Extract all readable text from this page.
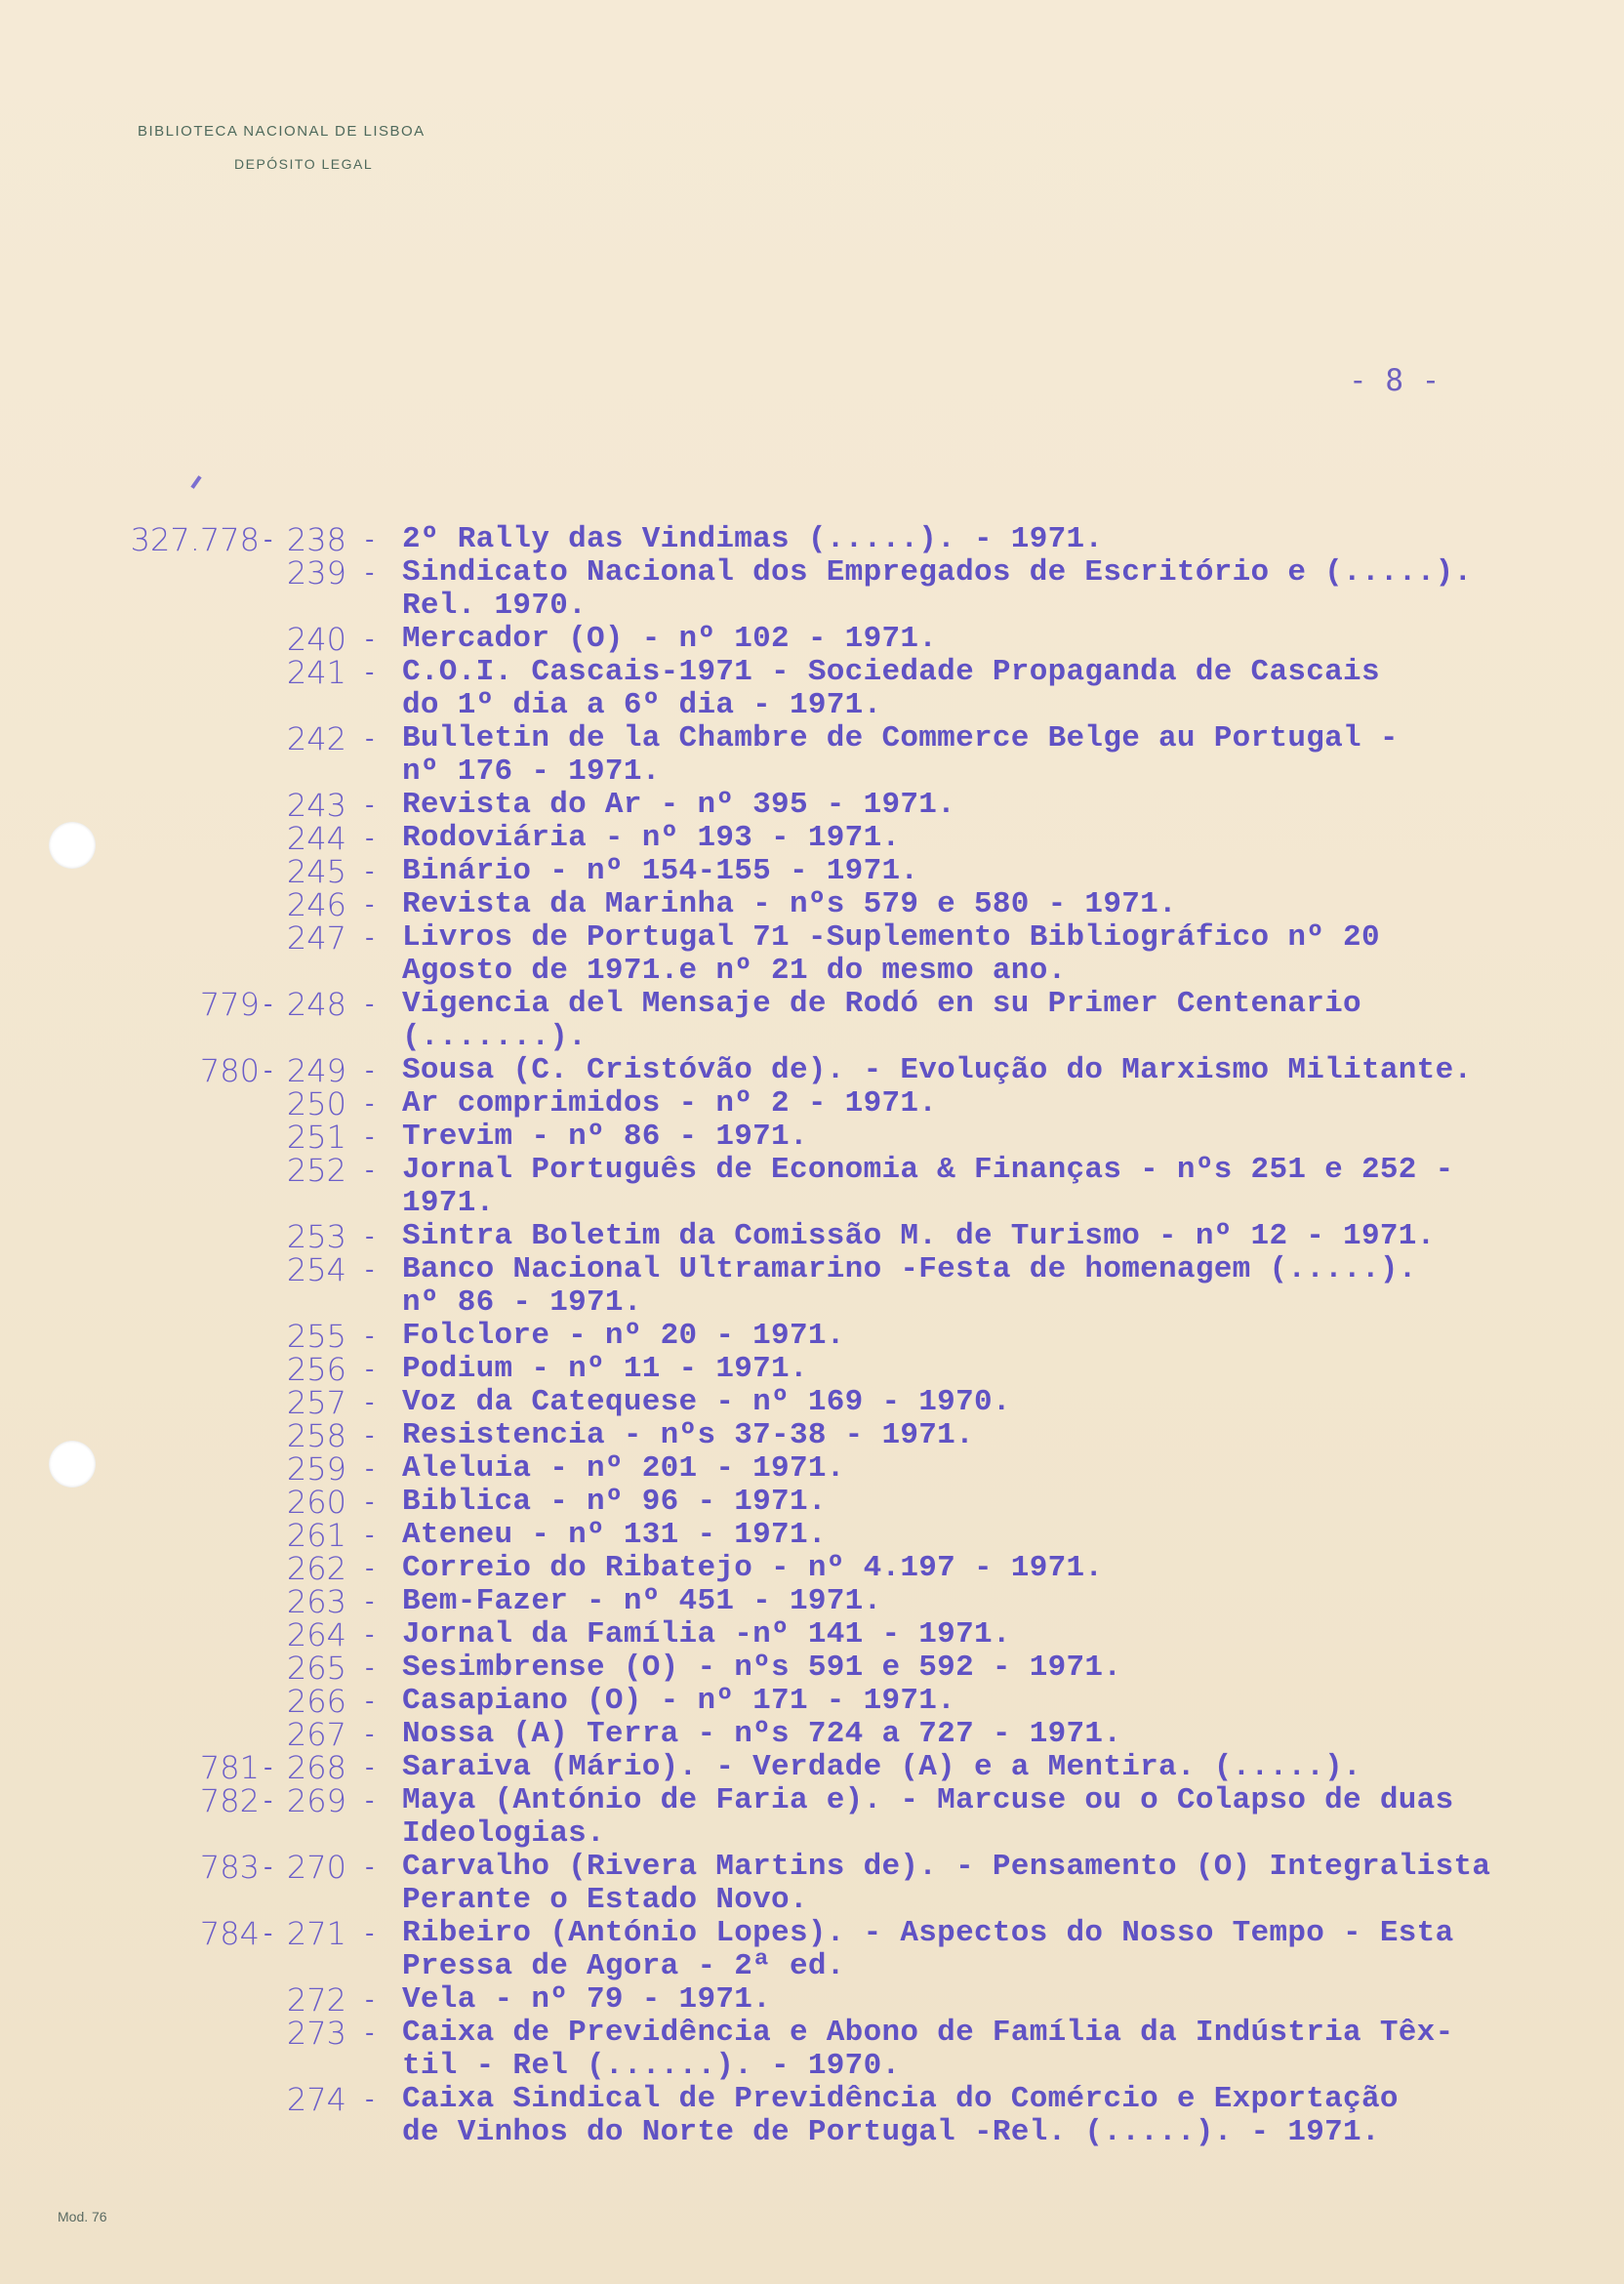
BIBLIOTECA NACIONAL DE LISBOA
DEPÓSITO LEGAL
- 8 -
327.778 - 238 - 2º Rally das Vindimas (.....). - 1971.
239 - Sindicato Nacional dos Empregados de Escritório e (.....).
Rel. 1970.
240 - Mercador (O) - nº 102 - 1971.
241 - C.O.I. Cascais-1971 - Sociedade Propaganda de Cascais
do 1º dia a 6º dia - 1971.
242 - Bulletin de la Chambre de Commerce Belge au Portugal -
nº 176 - 1971.
243 - Revista do Ar - nº 395 - 1971.
244 - Rodoviária - nº 193 - 1971.
245 - Binário - nº 154-155 - 1971.
246 - Revista da Marinha - nºs 579 e 580 - 1971.
247 - Livros de Portugal 71 -Suplemento Bibliográfico nº 20
Agosto de 1971.e nº 21 do mesmo ano.
779 - 248 - Vigencia del Mensaje de Rodó en su Primer Centenario
(.......).
780 - 249 - Sousa (C. Cristóvão de). - Evolução do Marxismo Militante.
250 - Ar comprimidos - nº 2 - 1971.
251 - Trevim - nº 86 - 1971.
252 - Jornal Português de Economia & Finanças - nºs 251 e 252 -
1971.
253 - Sintra Boletim da Comissão M. de Turismo - nº 12 - 1971.
254 - Banco Nacional Ultramarino -Festa de homenagem (.....).
nº 86 - 1971.
255 - Folclore - nº 20 - 1971.
256 - Podium - nº 11 - 1971.
257 - Voz da Catequese - nº 169 - 1970.
258 - Resistencia - nºs 37-38 - 1971.
259 - Aleluia - nº 201 - 1971.
260 - Biblica - nº 96 - 1971.
261 - Ateneu - nº 131 - 1971.
262 - Correio do Ribatejo - nº 4.197 - 1971.
263 - Bem-Fazer - nº 451 - 1971.
264 - Jornal da Família -nº 141 - 1971.
265 - Sesimbrense (O) - nºs 591 e 592 - 1971.
266 - Casapiano (O) - nº 171 - 1971.
267 - Nossa (A) Terra - nºs 724 a 727 - 1971.
781 - 268 - Saraiva (Mário). - Verdade (A) e a Mentira. (.....).
782 - 269 - Maya (António de Faria e). - Marcuse ou o Colapso de duas
Ideologias.
783 - 270 - Carvalho (Rivera Martins de). - Pensamento (O) Integralista
Perante o Estado Novo.
784 - 271 - Ribeiro (António Lopes). - Aspectos do Nosso Tempo - Esta
Pressa de Agora - 2ª ed.
272 - Vela - nº 79 - 1971.
273 - Caixa de Previdência e Abono de Família da Indústria Têx-
til - Rel (......). - 1970.
274 - Caixa Sindical de Previdência do Comércio e Exportação
de Vinhos do Norte de Portugal -Rel. (.....). - 1971.
Mod. 76
